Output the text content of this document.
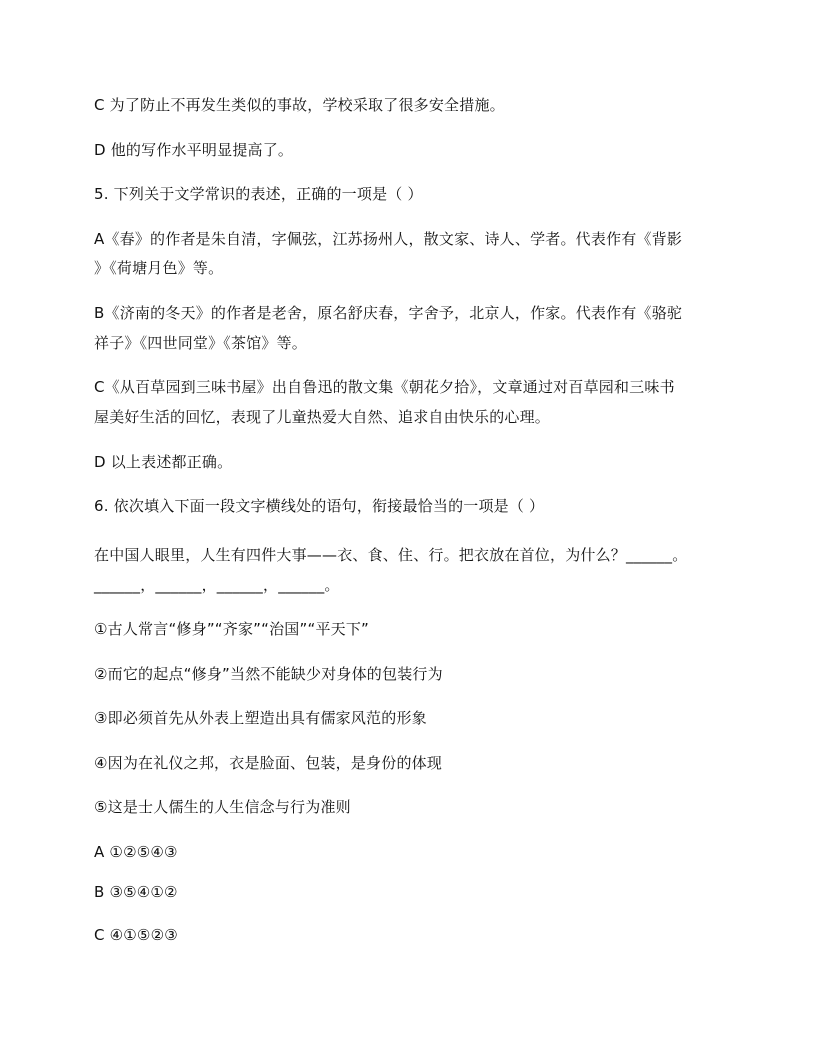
C 为了防止不再发生类似的事故，学校采取了很多安全措施。
D 他的写作水平明显提高了。
5. 下列关于文学常识的表述，正确的一项是（ ）
A《春》的作者是朱自清，字佩弦，江苏扬州人，散文家、诗人、学者。代表作有《背影
》《荷塘月色》等。
B《济南的冬天》的作者是老舍，原名舒庆春，字舍予，北京人，作家。代表作有《骆驼
祥子》《四世同堂》《茶馆》等。
C《从百草园到三味书屋》出自鲁迅的散文集《朝花夕拾》，文章通过对百草园和三味书
屋美好生活的回忆，表现了儿童热爱大自然、追求自由快乐的心理。
D 以上表述都正确。
6. 依次填入下面一段文字横线处的语句，衔接最恰当的一项是（ ）
在中国人眼里，人生有四件大事——衣、食、住、行。把衣放在首位，为什么？______。
______，______，______，______。
①古人常言“修身”“齐家”“治国”“平天下”
②而它的起点“修身”当然不能缺少对身体的包装行为
③即必须首先从外表上塑造出具有儒家风范的形象
④因为在礼仪之邦，衣是脸面、包装，是身份的体现
⑤这是士人儒生的人生信念与行为准则
A ①②⑤④③
B ③⑤④①②
C ④①⑤②③
